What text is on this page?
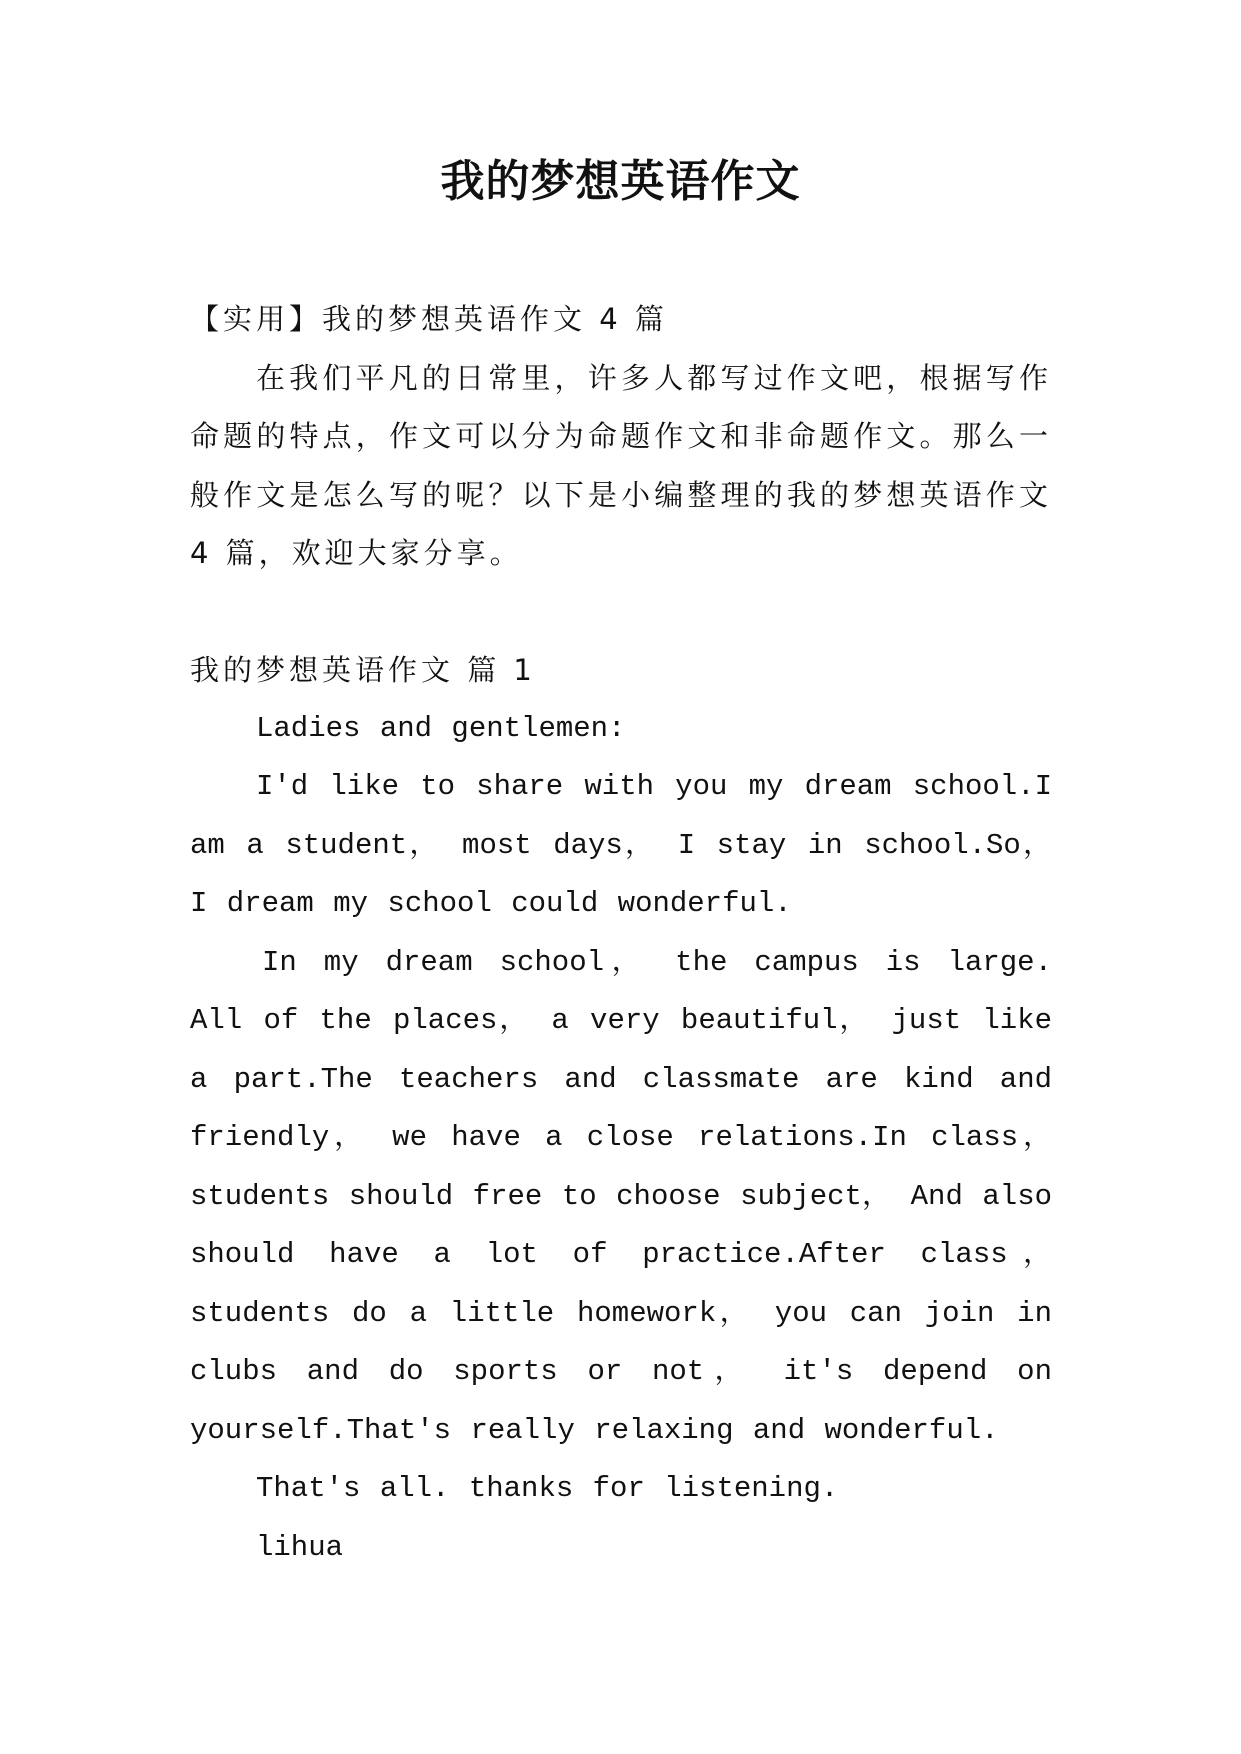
我的梦想英语作文

【实用】我的梦想英语作文 4 篇

在我们平凡的日常里，许多人都写过作文吧，根据写作命题的特点，作文可以分为命题作文和非命题作文。那么一般作文是怎么写的呢？以下是小编整理的我的梦想英语作文 4 篇，欢迎大家分享。

我的梦想英语作文 篇 1

Ladies and gentlemen:

I'd like to share with you my dream school.I am a student， most days， I stay in school.So， I dream my school could wonderful.

In my dream school， the campus is large. All of the places， a very beautiful， just like a part.The teachers and classmate are kind and friendly， we have a close relations.In class， students should free to choose subject， And also should have a lot of practice.After class， students do a little homework， you can join in clubs and do sports or not， it's depend on yourself.That's really relaxing and wonderful.

That's all. thanks for listening.

lihua
